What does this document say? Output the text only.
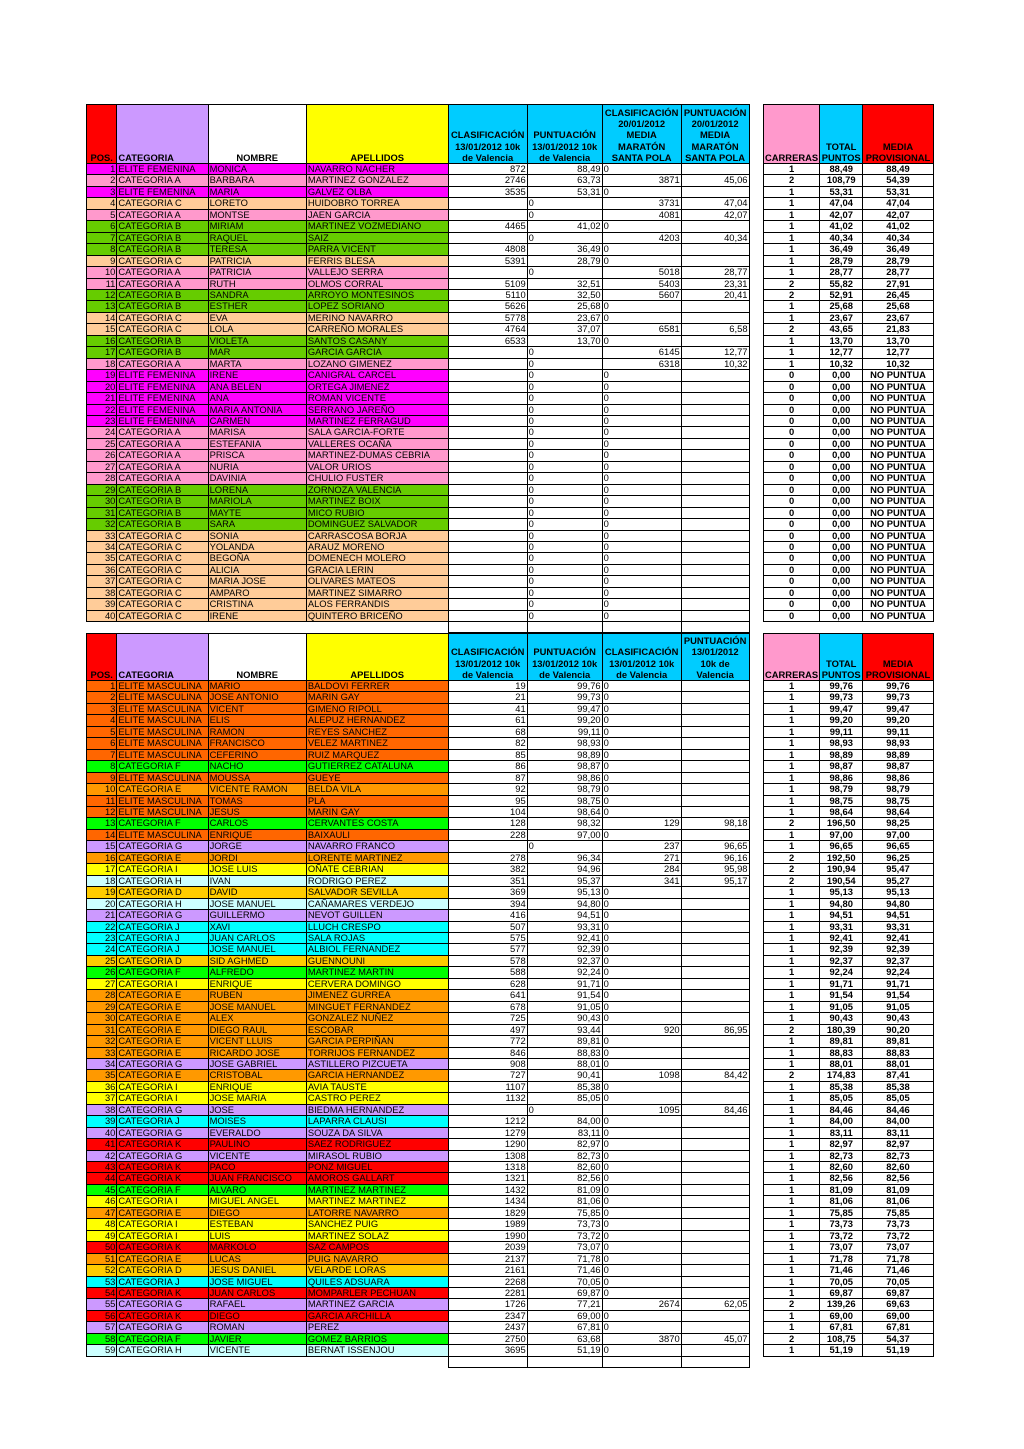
POS.	CATEGORIA	NOMBRE	APELLIDOS	CLASIFICACIÓN 13/01/2012 10k de Valencia	PUNTUACIÓN 13/01/2012 10k de Valencia	CLASIFICACIÓN 20/01/2012 MEDIA MARATÓN SANTA POLA	PUNTUACIÓN 20/01/2012 MEDIA MARATÓN SANTA POLA		CARRERAS	TOTAL PUNTOS	MEDIA PROVISIONAL
1	ELITE FEMENINA	MONICA	NAVARRO NACHER	872	88,49	0			1	88,49	88,49
2	CATEGORIA A	BARBARA	MARTINEZ GONZALEZ	2746	63,73	3871	45,06		2	108,79	54,39
3	ELITE FEMENINA	MARIA	GALVEZ OLBA	3535	53,31	0			1	53,31	53,31
4	CATEGORIA C	LORETO	HUIDOBRO TORREA		0	3731	47,04		1	47,04	47,04
5	CATEGORIA A	MONTSE	JAEN GARCIA		0	4081	42,07		1	42,07	42,07
6	CATEGORIA B	MIRIAM	MARTINEZ VOZMEDIANO	4465	41,02	0			1	41,02	41,02
7	CATEGORIA B	RAQUEL	SAIZ		0	4203	40,34		1	40,34	40,34
8	CATEGORIA B	TERESA	PARRA VICENT	4808	36,49	0			1	36,49	36,49
9	CATEGORIA C	PATRICIA	FERRIS BLESA	5391	28,79	0			1	28,79	28,79
10	CATEGORIA A	PATRICIA	VALLEJO SERRA		0	5018	28,77		1	28,77	28,77
11	CATEGORIA A	RUTH	OLMOS CORRAL	5109	32,51	5403	23,31		2	55,82	27,91
12	CATEGORIA B	SANDRA	ARROYO MONTESINOS	5110	32,50	5607	20,41		2	52,91	26,45
13	CATEGORIA B	ESTHER	LOPEZ SORIANO	5626	25,68	0			1	25,68	25,68
14	CATEGORIA C	EVA	MERINO NAVARRO	5778	23,67	0			1	23,67	23,67
15	CATEGORIA C	LOLA	CARREÑO MORALES	4764	37,07	6581	6,58		2	43,65	21,83
16	CATEGORIA B	VIOLETA	SANTOS CASANY	6533	13,70	0			1	13,70	13,70
17	CATEGORIA B	MAR	GARCIA GARCIA		0	6145	12,77		1	12,77	12,77
18	CATEGORIA A	MARTA	LOZANO GIMENEZ		0	6318	10,32		1	10,32	10,32
19	ELITE FEMENINA	IRENE	CANIGRAL CARCEL		0	0			0	0,00	NO PUNTUA
20	ELITE FEMENINA	ANA BELEN	ORTEGA JIMENEZ		0	0			0	0,00	NO PUNTUA
21	ELITE FEMENINA	ANA	ROMAN VICENTE		0	0			0	0,00	NO PUNTUA
22	ELITE FEMENINA	MARIA ANTONIA	SERRANO JAREÑO		0	0			0	0,00	NO PUNTUA
23	ELITE FEMENINA	CARMEN	MARTINEZ FERRAGUD		0	0			0	0,00	NO PUNTUA
24	CATEGORIA A	MARISA	SALA GARCIA-FORTE		0	0			0	0,00	NO PUNTUA
25	CATEGORIA A	ESTEFANIA	VALLERES OCAÑA		0	0			0	0,00	NO PUNTUA
26	CATEGORIA A	PRISCA	MARTINEZ-DUMAS CEBRIA		0	0			0	0,00	NO PUNTUA
27	CATEGORIA A	NURIA	VALOR URIOS		0	0			0	0,00	NO PUNTUA
28	CATEGORIA A	DAVINIA	CHULIO FUSTER		0	0			0	0,00	NO PUNTUA
29	CATEGORIA B	LORENA	ZORNOZA VALENCIA		0	0			0	0,00	NO PUNTUA
30	CATEGORIA B	MARIOLA	MARTINEZ BOIX		0	0			0	0,00	NO PUNTUA
31	CATEGORIA B	MAYTE	MICO RUBIO		0	0			0	0,00	NO PUNTUA
32	CATEGORIA B	SARA	DOMINGUEZ SALVADOR		0	0			0	0,00	NO PUNTUA
33	CATEGORIA C	SONIA	CARRASCOSA BORJA		0	0			0	0,00	NO PUNTUA
34	CATEGORIA C	YOLANDA	ARAUZ MORENO		0	0			0	0,00	NO PUNTUA
35	CATEGORIA C	BEGOÑA	DOMENECH MOLERO		0	0			0	0,00	NO PUNTUA
36	CATEGORIA C	ALICIA	GRACIA LERIN		0	0			0	0,00	NO PUNTUA
37	CATEGORIA C	MARIA JOSE	OLIVARES MATEOS		0	0			0	0,00	NO PUNTUA
38	CATEGORIA C	AMPARO	MARTINEZ SIMARRO		0	0			0	0,00	NO PUNTUA
39	CATEGORIA C	CRISTINA	ALOS FERRANDIS		0	0			0	0,00	NO PUNTUA
40	CATEGORIA C	IRENE	QUINTERO BRICEÑO		0	0			0	0,00	NO PUNTUA

POS.	CATEGORIA	NOMBRE	APELLIDOS	CLASIFICACIÓN 13/01/2012 10k de Valencia	PUNTUACIÓN 13/01/2012 10k de Valencia	CLASIFICACIÓN 13/01/2012 10k de Valencia	PUNTUACIÓN 13/01/2012 10k de Valencia		CARRERAS	TOTAL PUNTOS	MEDIA PROVISIONAL
1	ELITE MASCULINA	MARIO	BALDOVI FERRER	19	99,76	0			1	99,76	99,76
2	ELITE MASCULINA	JOSE ANTONIO	MARIN GAY	21	99,73	0			1	99,73	99,73
3	ELITE MASCULINA	VICENT	GIMENO RIPOLL	41	99,47	0			1	99,47	99,47
4	ELITE MASCULINA	ELIS	ALEPUZ HERNANDEZ	61	99,20	0			1	99,20	99,20
5	ELITE MASCULINA	RAMON	REYES SANCHEZ	68	99,11	0			1	99,11	99,11
6	ELITE MASCULINA	FRANCISCO	VELEZ MARTINEZ	82	98,93	0			1	98,93	98,93
7	ELITE MASCULINA	CEFERINO	RUIZ MARQUEZ	85	98,89	0			1	98,89	98,89
8	CATEGORIA F	NACHO	GUTIERREZ CATALUNA	86	98,87	0			1	98,87	98,87
9	ELITE MASCULINA	MOUSSA	GUEYE	87	98,86	0			1	98,86	98,86
10	CATEGORIA E	VICENTE RAMON	BELDA VILA	92	98,79	0			1	98,79	98,79
11	ELITE MASCULINA	TOMAS	PLA	95	98,75	0			1	98,75	98,75
12	ELITE MASCULINA	JESUS	MARIN GAY	104	98,64	0			1	98,64	98,64
13	CATEGORIA F	CARLOS	CERVANTES COSTA	128	98,32	129	98,18		2	196,50	98,25
14	ELITE MASCULINA	ENRIQUE	BAIXAULI	228	97,00	0			1	97,00	97,00
15	CATEGORIA G	JORGE	NAVARRO FRANCO		0	237	96,65		1	96,65	96,65
16	CATEGORIA E	JORDI	LORENTE MARTINEZ	278	96,34	271	96,16		2	192,50	96,25
17	CATEGORIA I	JOSE LUIS	OÑATE CEBRIAN	382	94,96	284	95,98		2	190,94	95,47
18	CATEGORIA H	IVAN	RODRIGO PEREZ	351	95,37	341	95,17		2	190,54	95,27
19	CATEGORIA D	DAVID	SALVADOR SEVILLA	369	95,13	0			1	95,13	95,13
20	CATEGORIA H	JOSE MANUEL	CAÑAMARES VERDEJO	394	94,80	0			1	94,80	94,80
21	CATEGORIA G	GUILLERMO	NEVOT GUILLEN	416	94,51	0			1	94,51	94,51
22	CATEGORIA J	XAVI	LLUCH CRESPO	507	93,31	0			1	93,31	93,31
23	CATEGORIA J	JUAN CARLOS	SALA ROJAS	575	92,41	0			1	92,41	92,41
24	CATEGORIA J	JOSE MANUEL	ALBIOL FERNANDEZ	577	92,39	0			1	92,39	92,39
25	CATEGORIA D	SID AGHMED	GUENNOUNI	578	92,37	0			1	92,37	92,37
26	CATEGORIA F	ALFREDO	MARTINEZ MARTIN	588	92,24	0			1	92,24	92,24
27	CATEGORIA I	ENRIQUE	CERVERA DOMINGO	628	91,71	0			1	91,71	91,71
28	CATEGORIA E	RUBEN	JIMENEZ GURREA	641	91,54	0			1	91,54	91,54
29	CATEGORIA E	JOSE MANUEL	MINGUET FERNANDEZ	678	91,05	0			1	91,05	91,05
30	CATEGORIA E	ALEX	GONZALEZ NUÑEZ	725	90,43	0			1	90,43	90,43
31	CATEGORIA E	DIEGO RAUL	ESCOBAR	497	93,44	920	86,95		2	180,39	90,20
32	CATEGORIA E	VICENT LLUIS	GARCIA PERPIÑAN	772	89,81	0			1	89,81	89,81
33	CATEGORIA E	RICARDO JOSE	TORRIJOS FERNANDEZ	846	88,83	0			1	88,83	88,83
34	CATEGORIA G	JOSE GABRIEL	ASTILLERO PIZCUETA	908	88,01	0			1	88,01	88,01
35	CATEGORIA E	CRISTOBAL	GARCIA HERNANDEZ	727	90,41	1098	84,42		2	174,83	87,41
36	CATEGORIA I	ENRIQUE	AVIA TAUSTE	1107	85,38	0			1	85,38	85,38
37	CATEGORIA I	JOSE MARIA	CASTRO PEREZ	1132	85,05	0			1	85,05	85,05
38	CATEGORIA G	JOSE	BIEDMA HERNANDEZ		0	1095	84,46		1	84,46	84,46
39	CATEGORIA J	MOISES	LAPARRA CLAUSI	1212	84,00	0			1	84,00	84,00
40	CATEGORIA G	EVERALDO	SOUZA DA SILVA	1279	83,11	0			1	83,11	83,11
41	CATEGORIA K	PAULINO	SAEZ RODRIGUEZ	1290	82,97	0			1	82,97	82,97
42	CATEGORIA G	VICENTE	MIRASOL RUBIO	1308	82,73	0			1	82,73	82,73
43	CATEGORIA K	PACO	PONZ MIGUEL	1318	82,60	0			1	82,60	82,60
44	CATEGORIA K	JUAN FRANCISCO	AMOROS GALLART	1321	82,56	0			1	82,56	82,56
45	CATEGORIA F	ALVARO	MARTINEZ MARTINEZ	1432	81,09	0			1	81,09	81,09
46	CATEGORIA I	MIGUEL ANGEL	MARTINEZ MARTINEZ	1434	81,06	0			1	81,06	81,06
47	CATEGORIA E	DIEGO	LATORRE NAVARRO	1829	75,85	0			1	75,85	75,85
48	CATEGORIA I	ESTEBAN	SANCHEZ PUIG	1989	73,73	0			1	73,73	73,73
49	CATEGORIA I	LUIS	MARTINEZ SOLAZ	1990	73,72	0			1	73,72	73,72
50	CATEGORIA K	MARKOLO	SAZ CAMPOS	2039	73,07	0			1	73,07	73,07
51	CATEGORIA E	LUCAS	PUIG NAVARRO	2137	71,78	0			1	71,78	71,78
52	CATEGORIA D	JESUS DANIEL	VELARDE LORAS	2161	71,46	0			1	71,46	71,46
53	CATEGORIA J	JOSE MIGUEL	QUILES ADSUARA	2268	70,05	0			1	70,05	70,05
54	CATEGORIA K	JUAN CARLOS	MOMPARLER PECHUAN	2281	69,87	0			1	69,87	69,87
55	CATEGORIA G	RAFAEL	MARTINEZ GARCIA	1726	77,21	2674	62,05		2	139,26	69,63
56	CATEGORIA K	DIEGO	GARCIA ARCHILLA	2347	69,00	0			1	69,00	69,00
57	CATEGORIA G	ROMAN	PEREZ	2437	67,81	0			1	67,81	67,81
58	CATEGORIA F	JAVIER	GOMEZ BARRIOS	2750	63,68	3870	45,07		2	108,75	54,37
59	CATEGORIA H	VICENTE	BERNAT ISSENJOU	3695	51,19	0			1	51,19	51,19
